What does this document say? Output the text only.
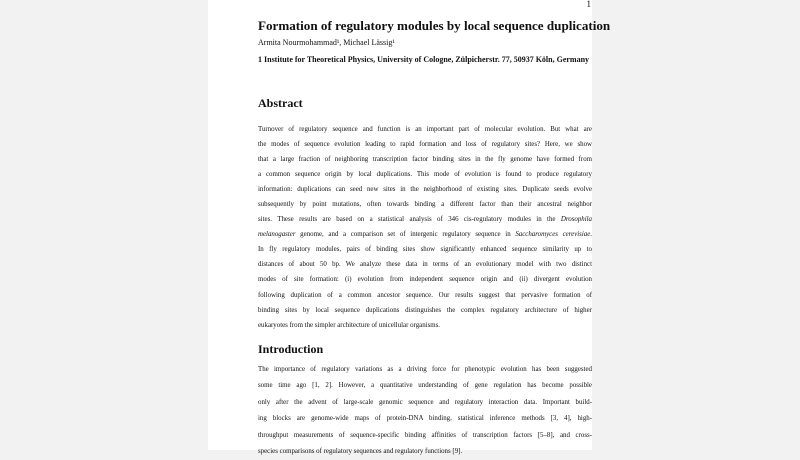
1
Formation of regulatory modules by local sequence duplication
Armita Nourmohammad¹, Michael Lässig¹
1 Institute for Theoretical Physics, University of Cologne, Zülpicherstr. 77, 50937 Köln, Germany
Abstract
Turnover of regulatory sequence and function is an important part of molecular evolution. But what are
the modes of sequence evolution leading to rapid formation and loss of regulatory sites? Here, we show
that a large fraction of neighboring transcription factor binding sites in the fly genome have formed from
a common sequence origin by local duplications. This mode of evolution is found to produce regulatory
information: duplications can seed new sites in the neighborhood of existing sites. Duplicate seeds evolve
subsequently by point mutations, often towards binding a different factor than their ancestral neighbor
sites. These results are based on a statistical analysis of 346 cis-regulatory modules in the Drosophila
melanogaster genome, and a comparison set of intergenic regulatory sequence in Saccharomyces cerevisiae.
In fly regulatory modules, pairs of binding sites show significantly enhanced sequence similarity up to
distances of about 50 bp. We analyze these data in terms of an evolutionary model with two distinct
modes of site formation: (i) evolution from independent sequence origin and (ii) divergent evolution
following duplication of a common ancestor sequence. Our results suggest that pervasive formation of
binding sites by local sequence duplications distinguishes the complex regulatory architecture of higher
eukaryotes from the simpler architecture of unicellular organisms.
Introduction
The importance of regulatory variations as a driving force for phenotypic evolution has been suggested
some time ago [1, 2]. However, a quantitative understanding of gene regulation has become possible
only after the advent of large-scale genomic sequence and regulatory interaction data. Important build-
ing blocks are genome-wide maps of protein-DNA binding, statistical inference methods [3, 4], high-
throughput measurements of sequence-specific binding affinities of transcription factors [5–8], and cross-
species comparisons of regulatory sequences and regulatory functions [9].
